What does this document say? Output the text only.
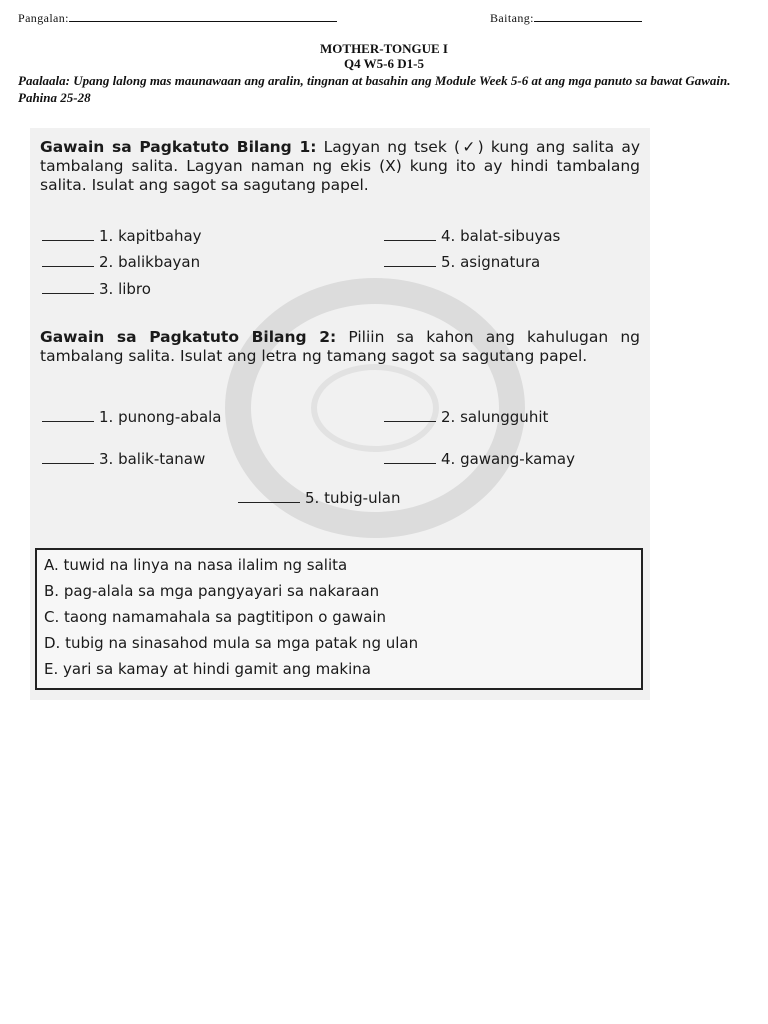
Pangalan:	Baitang:
MOTHER-TONGUE I
Q4 W5-6 D1-5
Paalaala: Upang lalong mas maunawaan ang aralin, tingnan at basahin ang Module Week 5-6 at ang mga panuto sa bawat Gawain. Pahina 25-28
Gawain sa Pagkatuto Bilang 1: Lagyan ng tsek (✓) kung ang salita ay tambalang salita. Lagyan naman ng ekis (X) kung ito ay hindi tambalang salita. Isulat ang sagot sa sagutang papel.
1. kapitbahay
2. balikbayan
3. libro
4. balat-sibuyas
5. asignatura
Gawain sa Pagkatuto Bilang 2: Piliin sa kahon ang kahulugan ng tambalang salita. Isulat ang letra ng tamang sagot sa sagutang papel.
1. punong-abala	2. salungguhit
3. balik-tanaw	4. gawang-kamay
5. tubig-ulan
A. tuwid na linya na nasa ilalim ng salita
B. pag-alala sa mga pangyayari sa nakaraan
C. taong namamahala sa pagtitipon o gawain
D. tubig na sinasahod mula sa mga patak ng ulan
E. yari sa kamay at hindi gamit ang makina
